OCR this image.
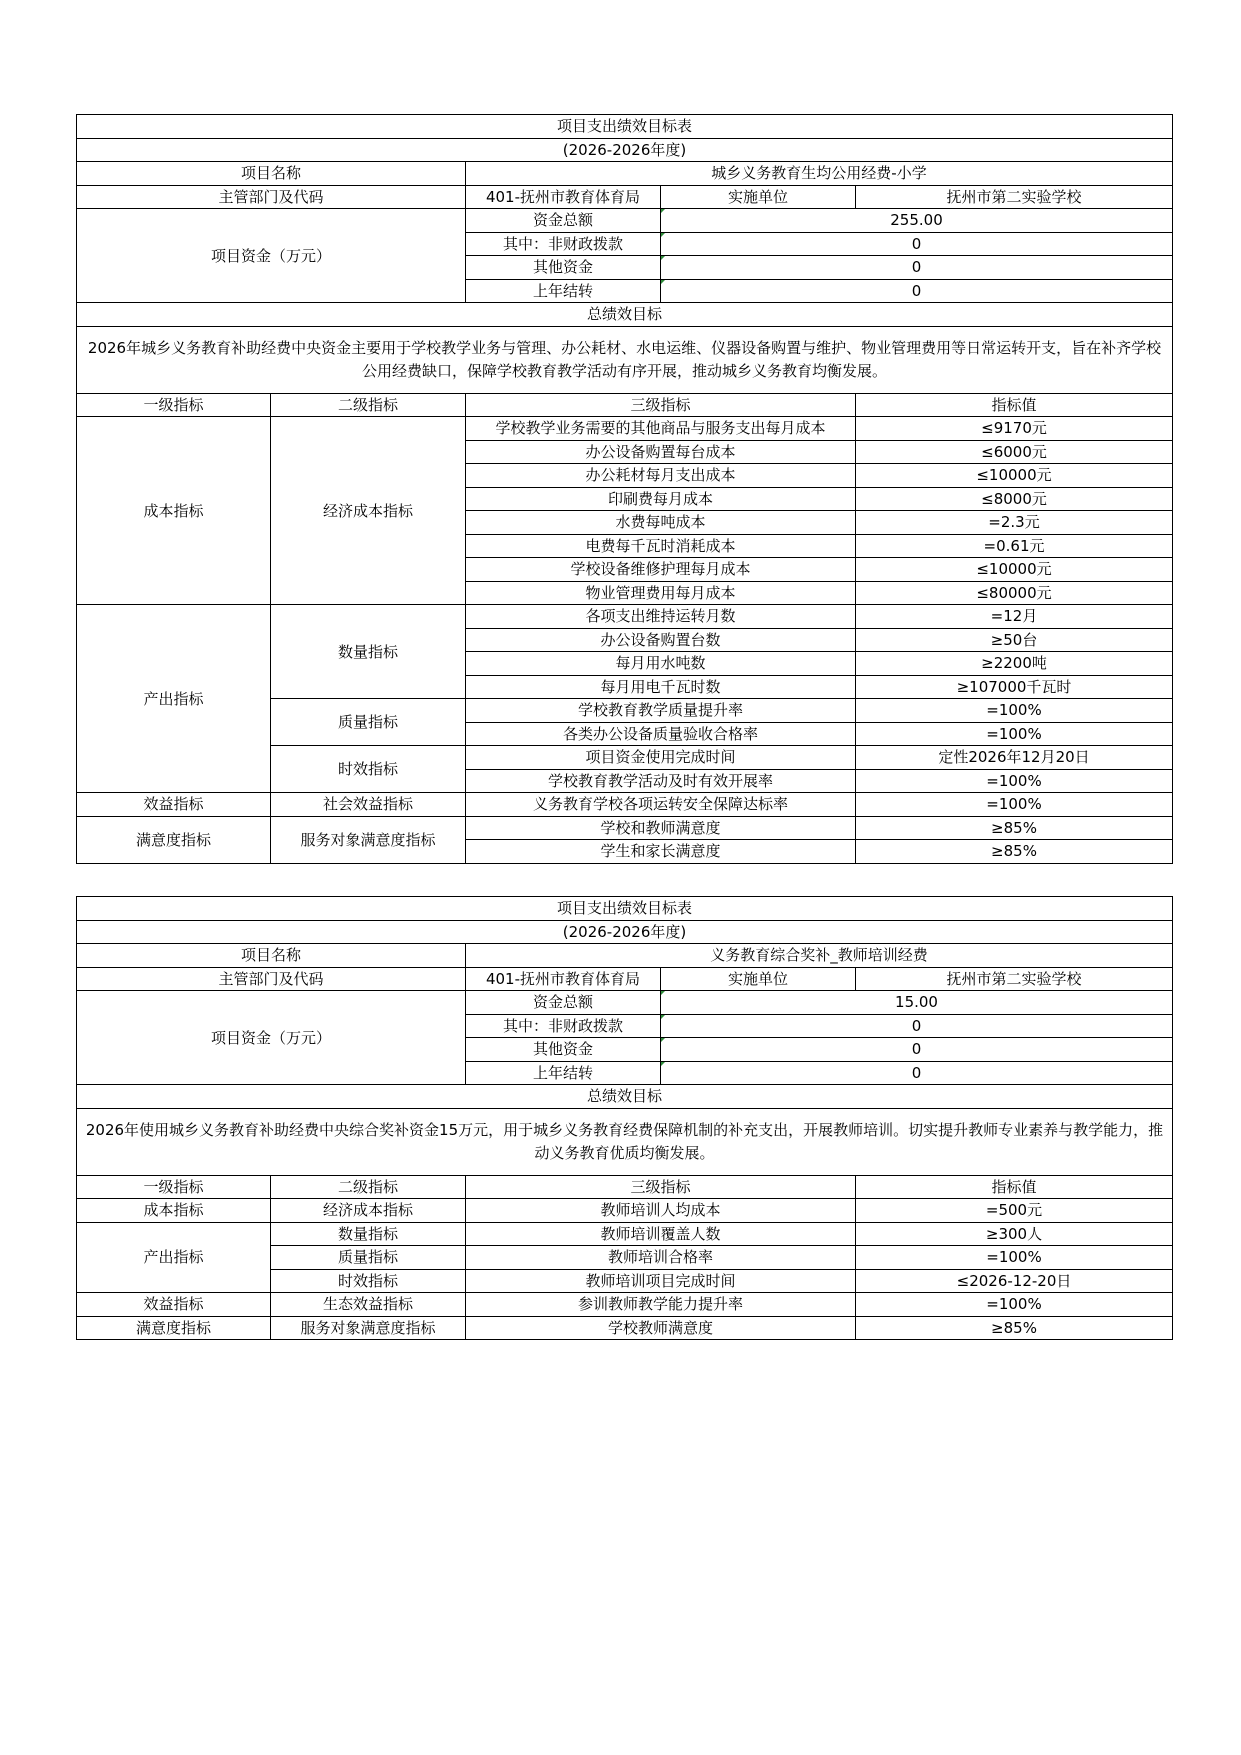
项目支出绩效目标表				
(2026-2026年度)				
项目名称		城乡义务教育生均公用经费-小学		
主管部门及代码		401-抚州市教育体育局	实施单位	抚州市第二实验学校
项目资金（万元）		资金总额	255.00	
		其中：非财政拨款	0	
		其他资金	0	
		上年结转	0	
总绩效目标				
2026年城乡义务教育补助经费中央资金主要用于学校教学业务与管理、办公耗材、水电运维、仪器设备购置与维护、物业管理费用等日常运转开支，旨在补齐学校公用经费缺口，保障学校教育教学活动有序开展，推动城乡义务教育均衡发展。				
一级指标	二级指标	三级指标		指标值
成本指标	经济成本指标	学校教学业务需要的其他商品与服务支出每月成本		≤9170元
		办公设备购置每台成本		≤6000元
		办公耗材每月支出成本		≤10000元
		印刷费每月成本		≤8000元
		水费每吨成本		=2.3元
		电费每千瓦时消耗成本		=0.61元
		学校设备维修护理每月成本		≤10000元
		物业管理费用每月成本		≤80000元
产出指标	数量指标	各项支出维持运转月数		=12月
		办公设备购置台数		≥50台
		每月用水吨数		≥2200吨
		每月用电千瓦时数		≥107000千瓦时
	质量指标	学校教育教学质量提升率		=100%
		各类办公设备质量验收合格率		=100%
	时效指标	项目资金使用完成时间		定性2026年12月20日
		学校教育教学活动及时有效开展率		=100%
效益指标	社会效益指标	义务教育学校各项运转安全保障达标率		=100%
满意度指标	服务对象满意度指标	学校和教师满意度		≥85%
		学生和家长满意度		≥85%
项目支出绩效目标表				
(2026-2026年度)				
项目名称		义务教育综合奖补_教师培训经费		
主管部门及代码		401-抚州市教育体育局	实施单位	抚州市第二实验学校
项目资金（万元）		资金总额	15.00	
		其中：非财政拨款	0	
		其他资金	0	
		上年结转	0	
总绩效目标				
2026年使用城乡义务教育补助经费中央综合奖补资金15万元，用于城乡义务教育经费保障机制的补充支出，开展教师培训。切实提升教师专业素养与教学能力，推动义务教育优质均衡发展。				
一级指标	二级指标	三级指标		指标值
成本指标	经济成本指标	教师培训人均成本		=500元
产出指标	数量指标	教师培训覆盖人数		≥300人
	质量指标	教师培训合格率		=100%
	时效指标	教师培训项目完成时间		≤2026-12-20日
效益指标	生态效益指标	参训教师教学能力提升率		=100%
满意度指标	服务对象满意度指标	学校教师满意度		≥85%
